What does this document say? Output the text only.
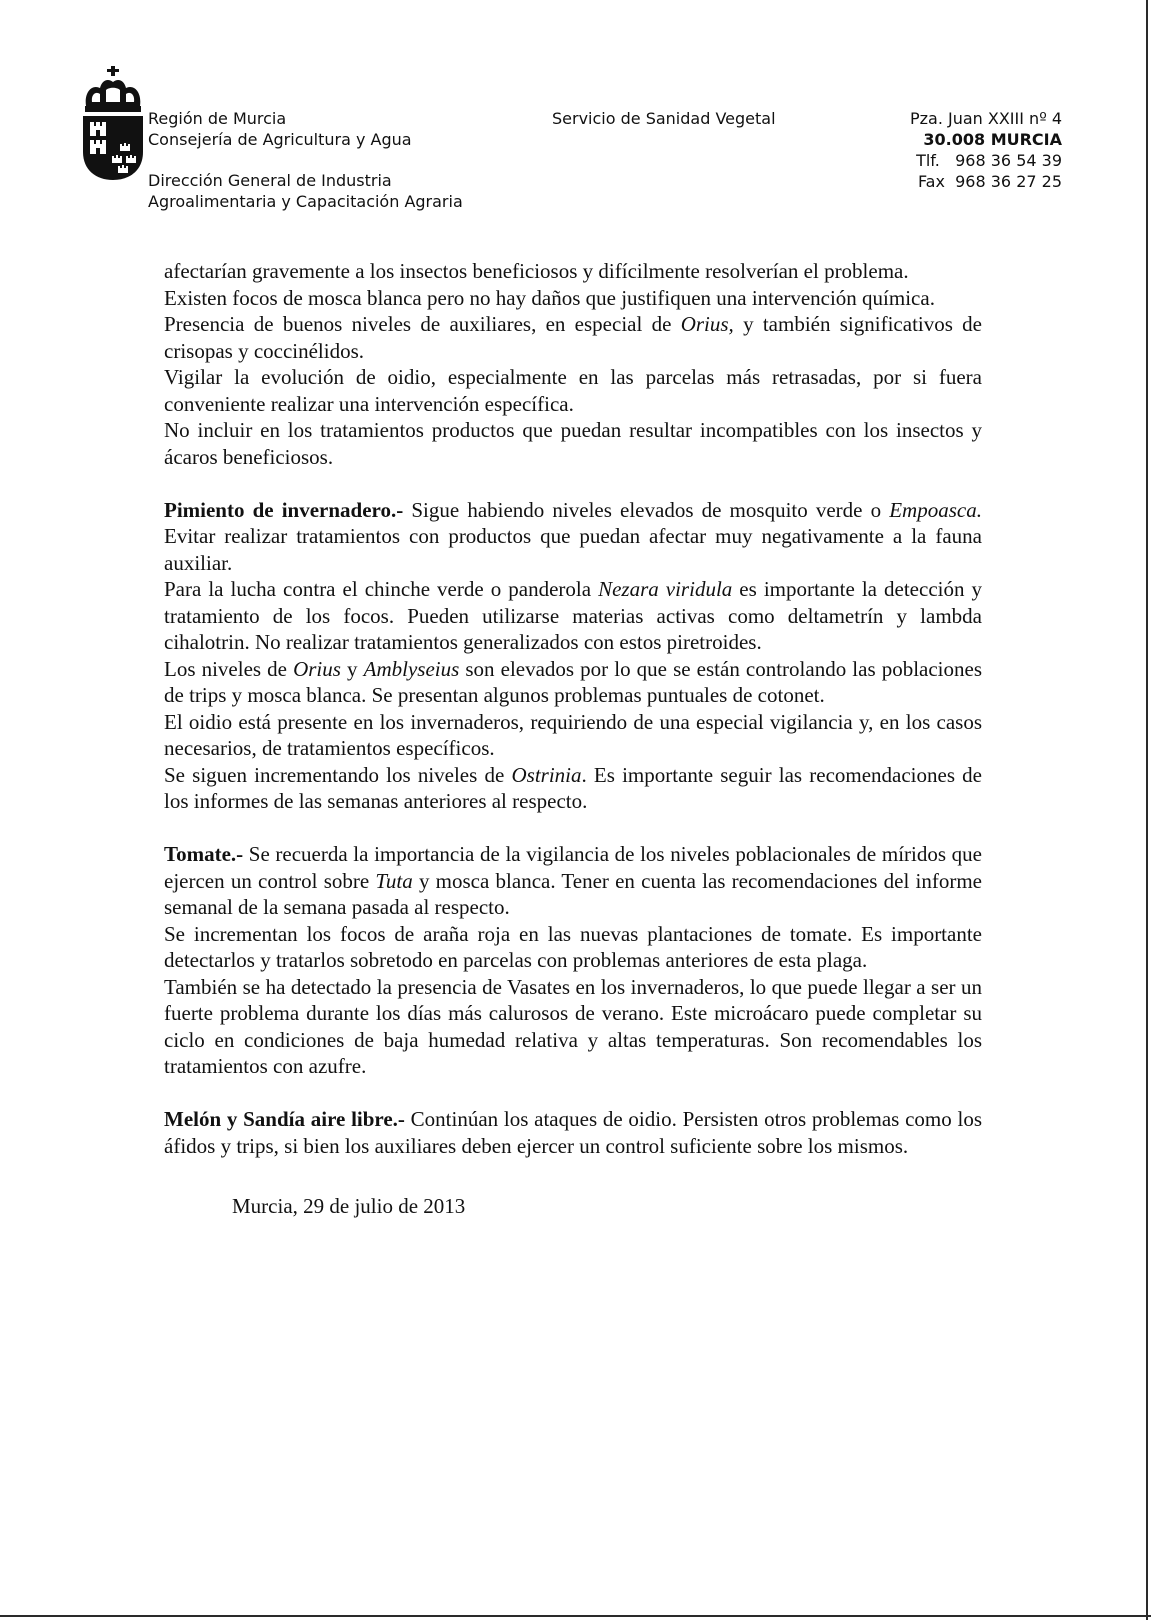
Región de Murcia
Consejería de Agricultura y Agua
Dirección General de Industria
Agroalimentaria y Capacitación Agraria
Servicio de Sanidad Vegetal	Pza. Juan XXIII nº 4
30.008 MURCIA
Tlf. 968 36 54 39
Fax 968 36 27 25

afectarían gravemente a los insectos beneficiosos y difícilmente resolverían el problema.

Existen focos de mosca blanca pero no hay daños que justifiquen una intervención química.

Presencia de buenos niveles de auxiliares, en especial de Orius, y también significativos de crisopas y coccinélidos.

Vigilar la evolución de oidio, especialmente en las parcelas más retrasadas, por si fuera conveniente realizar una intervención específica.

No incluir en los tratamientos productos que puedan resultar incompatibles con los insectos y ácaros beneficiosos.

Pimiento de invernadero.- Sigue habiendo niveles elevados de mosquito verde o Empoasca. Evitar realizar tratamientos con productos que puedan afectar muy negativamente a la fauna auxiliar.

Para la lucha contra el chinche verde o panderola Nezara viridula es importante la detección y tratamiento de los focos. Pueden utilizarse materias activas como deltametrín y lambda cihalotrin. No realizar tratamientos generalizados con estos piretroides.

Los niveles de Orius y Amblyseius son elevados por lo que se están controlando las poblaciones de trips y mosca blanca. Se presentan algunos problemas puntuales de cotonet.

El oidio está presente en los invernaderos, requiriendo de una especial vigilancia y, en los casos necesarios, de tratamientos específicos.

Se siguen incrementando los niveles de Ostrinia. Es importante seguir las recomendaciones de los informes de las semanas anteriores al respecto.

Tomate.- Se recuerda la importancia de la vigilancia de los niveles poblacionales de míridos que ejercen un control sobre Tuta y mosca blanca. Tener en cuenta las recomendaciones del informe semanal de la semana pasada al respecto.

Se incrementan los focos de araña roja en las nuevas plantaciones de tomate. Es importante detectarlos y tratarlos sobretodo en parcelas con problemas anteriores de esta plaga.

También se ha detectado la presencia de Vasates en los invernaderos, lo que puede llegar a ser un fuerte problema durante los días más calurosos de verano. Este microácaro puede completar su ciclo en condiciones de baja humedad relativa y altas temperaturas. Son recomendables los tratamientos con azufre.

Melón y Sandía aire libre.- Continúan los ataques de oidio. Persisten otros problemas como los áfidos y trips, si bien los auxiliares deben ejercer un control suficiente sobre los mismos.

Murcia, 29 de julio de 2013
